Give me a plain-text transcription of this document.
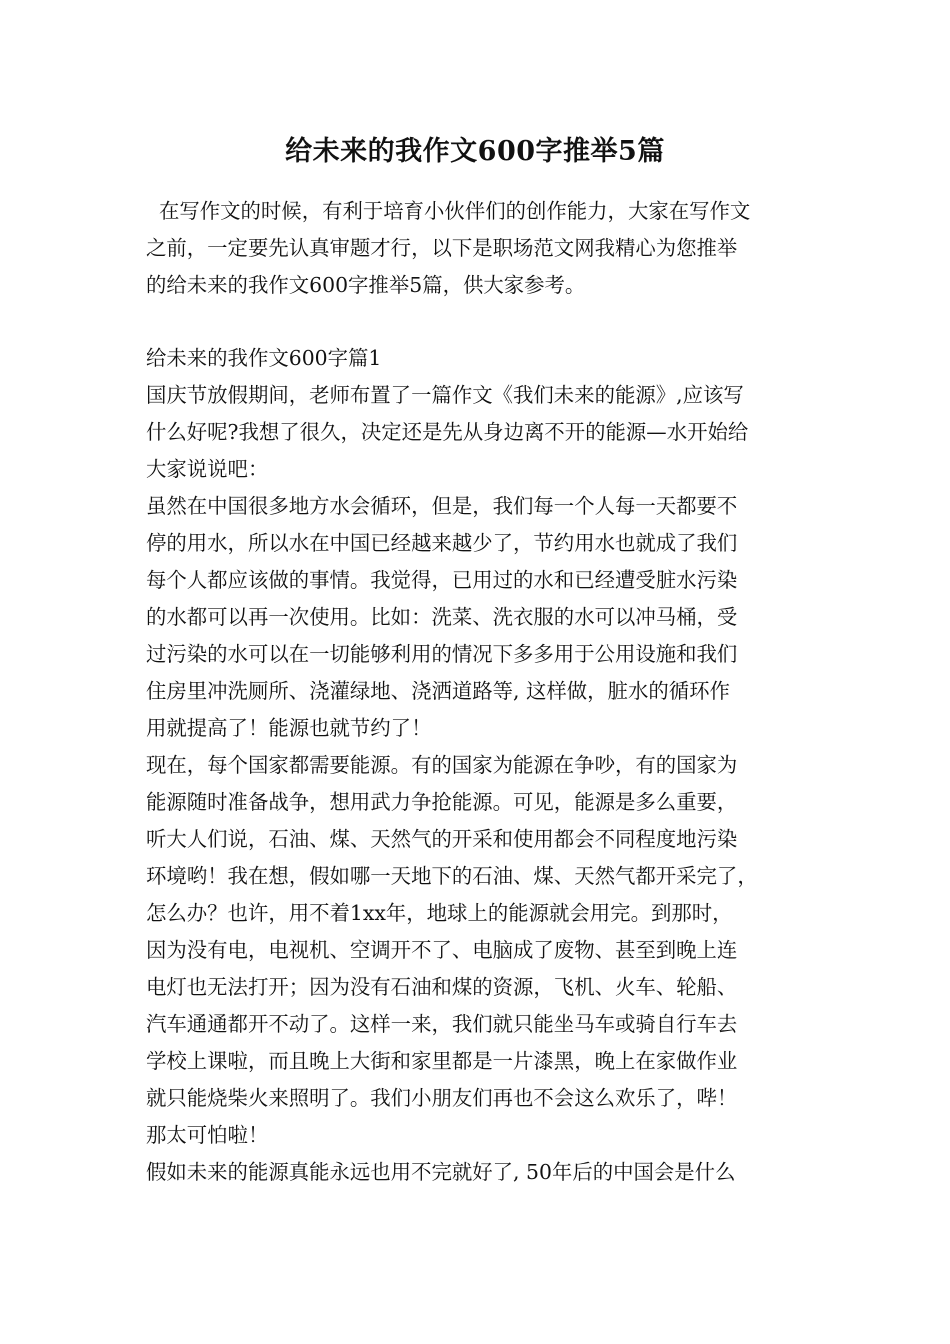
给未来的我作文600字推举5篇
在写作文的时候，有利于培育小伙伴们的创作能力，大家在写作文
之前，一定要先认真审题才行，以下是职场范文网我精心为您推举
的给未来的我作文600字推举5篇，供大家参考。
给未来的我作文600字篇1
国庆节放假期间，老师布置了一篇作文《我们未来的能源》,应该写
什么好呢?我想了很久，决定还是先从身边离不开的能源—水开始给
大家说说吧：
虽然在中国很多地方水会循环，但是，我们每一个人每一天都要不
停的用水，所以水在中国已经越来越少了，节约用水也就成了我们
每个人都应该做的事情。我觉得，已用过的水和已经遭受脏水污染
的水都可以再一次使用。比如：洗菜、洗衣服的水可以冲马桶，受
过污染的水可以在一切能够利用的情况下多多用于公用设施和我们
住房里冲洗厕所、浇灌绿地、浇洒道路等, 这样做，脏水的循环作
用就提高了！能源也就节约了！
现在，每个国家都需要能源。有的国家为能源在争吵，有的国家为
能源随时准备战争，想用武力争抢能源。可见，能源是多么重要，
听大人们说，石油、煤、天然气的开采和使用都会不同程度地污染
环境哟！我在想，假如哪一天地下的石油、煤、天然气都开采完了，
怎么办？也许，用不着1xx年，地球上的能源就会用完。到那时，
因为没有电，电视机、空调开不了、电脑成了废物、甚至到晚上连
电灯也无法打开；因为没有石油和煤的资源，飞机、火车、轮船、
汽车通通都开不动了。这样一来，我们就只能坐马车或骑自行车去
学校上课啦，而且晚上大街和家里都是一片漆黑，晚上在家做作业
就只能烧柴火来照明了。我们小朋友们再也不会这么欢乐了，哔！
那太可怕啦！
假如未来的能源真能永远也用不完就好了, 50年后的中国会是什么
